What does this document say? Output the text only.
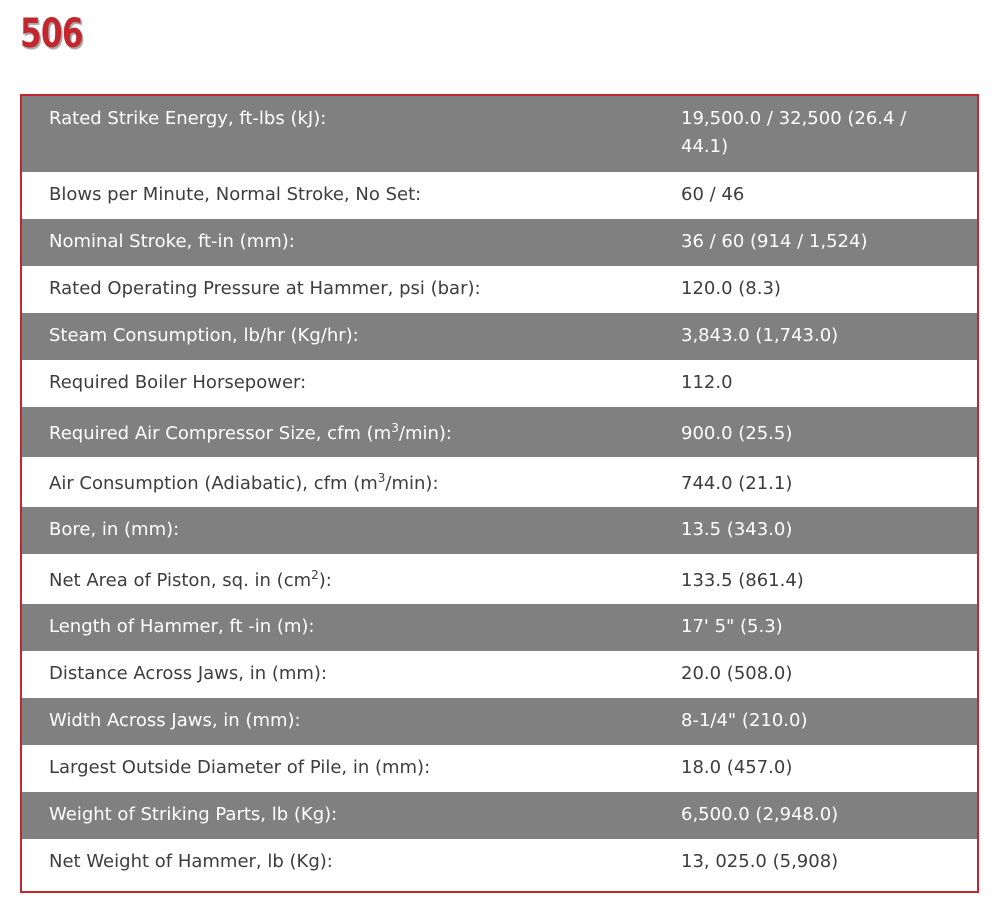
506
Rated Strike Energy, ft-lbs (kJ):	19,500.0 / 32,500 (26.4 / 44.1)
Blows per Minute, Normal Stroke, No Set:	60 / 46
Nominal Stroke, ft-in (mm):	36 / 60 (914 / 1,524)
Rated Operating Pressure at Hammer, psi (bar):	120.0 (8.3)
Steam Consumption, lb/hr (Kg/hr):	3,843.0 (1,743.0)
Required Boiler Horsepower:	112.0
Required Air Compressor Size, cfm $(m^3/\min)$:	900.0 (25.5)
Air Consumption (Adiabatic), cfm $(m^3/\min)$:	744.0 (21.1)
Bore, in (mm):	13.5 (343.0)
Net Area of Piston, sq. in $(cm^2)$:	133.5 (861.4)
Length of Hammer, ft -in (m):	17' 5" (5.3)
Distance Across Jaws, in (mm):	20.0 (508.0)
Width Across Jaws, in (mm):	8-1/4" (210.0)
Largest Outside Diameter of Pile, in (mm):	18.0 (457.0)
Weight of Striking Parts, lb (Kg):	6,500.0 (2,948.0)
Net Weight of Hammer, lb (Kg):	13, 025.0 (5,908)
